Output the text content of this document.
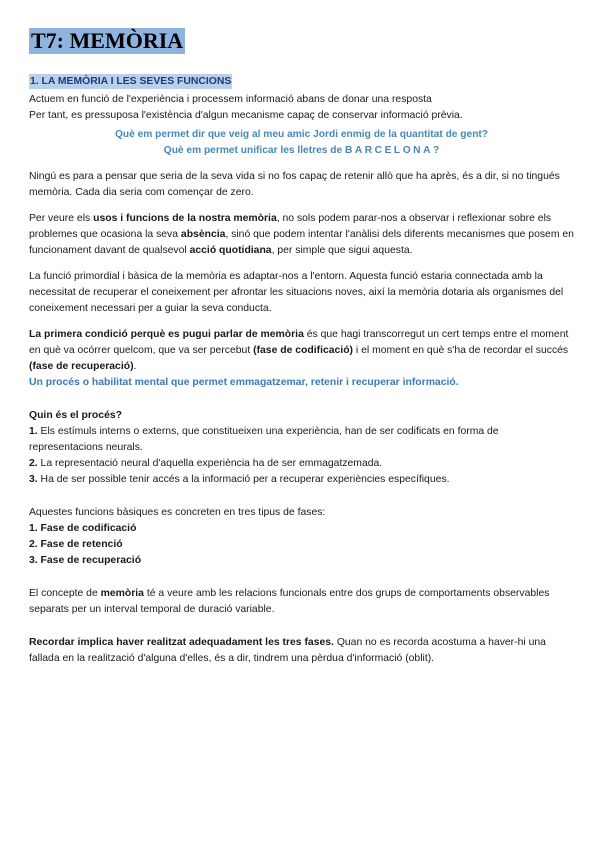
T7: MEMÒRIA
1. LA MEMÒRIA I LES SEVES FUNCIONS

Actuem en funció de l'experiència i processem informació abans de donar una resposta

Per tant, es pressuposa l'existència d'algun mecanisme capaç de conservar informació prèvia.

Què em permet dir que veig al meu amic Jordi enmig de la quantitat de gent?

Què em permet unificar les lletres de BARCELONA?

Ningú es para a pensar que seria de la seva vida si no fos capaç de retenir allò que ha après, és a dir, si no tingués memòria. Cada dia seria com començar de zero.

Per veure els usos i funcions de la nostra memòria, no sols podem parar-nos a observar i reflexionar sobre els problemes que ocasiona la seva absència, sinó que podem intentar l'anàlisi dels diferents mecanismes que posem en funcionament davant de qualsevol acció quotidiana, per simple que sigui aquesta.

La funció primordial i bàsica de la memòria es adaptar-nos a l'entorn. Aquesta funció estaria connectada amb la necessitat de recuperar el coneixement per afrontar les situacions noves, així la memòria dotaria als organismes del coneixement necessari per a guiar la seva conducta.

La primera condició perquè es pugui parlar de memòria és que hagi transcorregut un cert temps entre el moment en què va ocórrer quelcom, que va ser percebut (fase de codificació) i el moment en què s'ha de recordar el succés (fase de recuperació).

Un procés o habilitat mental que permet emmagatzemar, retenir i recuperar informació.

Quin és el procés?

1. Els estímuls interns o externs, que constitueixen una experiència, han de ser codificats en forma de representacions neurals.

2. La representació neural d'aquella experiència ha de ser emmagatzemada.

3. Ha de ser possible tenir accés a la informació per a recuperar experiències específiques.

Aquestes funcions bàsiques es concreten en tres tipus de fases:

1. Fase de codificació

2. Fase de retenció

3. Fase de recuperació

El concepte de memòria té a veure amb les relacions funcionals entre dos grups de comportaments observables separats per un interval temporal de duració variable.

Recordar implica haver realitzat adequadament les tres fases. Quan no es recorda acostuma a haver-hi una fallada en la realització d'alguna d'elles, és a dir, tindrem una pèrdua d'informació (oblit).
